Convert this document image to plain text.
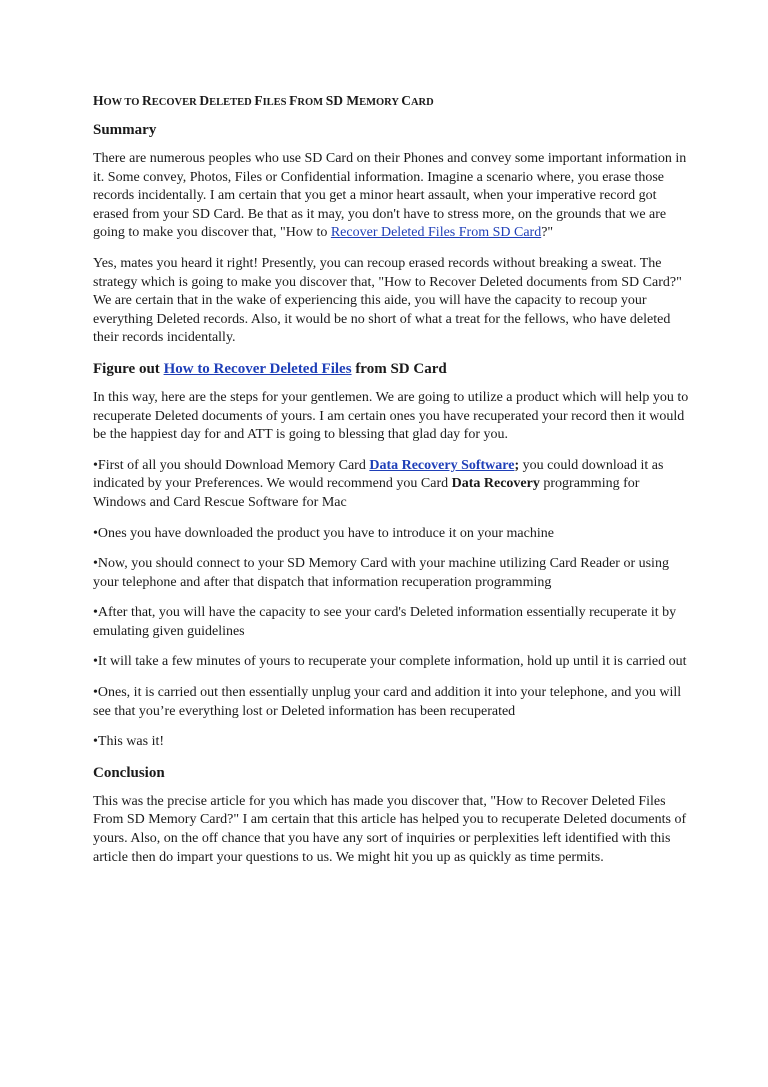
HOW TO RECOVER DELETED FILES FROM SD MEMORY CARD
Summary

There are numerous peoples who use SD Card on their Phones and convey some important information in it. Some convey, Photos, Files or Confidential information. Imagine a scenario where, you erase those records incidentally. I am certain that you get a minor heart assault, when your imperative record got erased from your SD Card. Be that as it may, you don't have to stress more, on the grounds that we are going to make you discover that, "How to Recover Deleted Files From SD Card?"

Yes, mates you heard it right! Presently, you can recoup erased records without breaking a sweat. The strategy which is going to make you discover that, "How to Recover Deleted documents from SD Card?" We are certain that in the wake of experiencing this aide, you will have the capacity to recoup your everything Deleted records. Also, it would be no short of what a treat for the fellows, who have deleted their records incidentally.

Figure out How to Recover Deleted Files from SD Card

In this way, here are the steps for your gentlemen. We are going to utilize a product which will help you to recuperate Deleted documents of yours. I am certain ones you have recuperated your record then it would be the happiest day for and ATT is going to blessing that glad day for you.

•First of all you should Download Memory Card Data Recovery Software; you could download it as indicated by your Preferences. We would recommend you Card Data Recovery programming for Windows and Card Rescue Software for Mac

•Ones you have downloaded the product you have to introduce it on your machine

•Now, you should connect to your SD Memory Card with your machine utilizing Card Reader or using your telephone and after that dispatch that information recuperation programming

•After that, you will have the capacity to see your card's Deleted information essentially recuperate it by emulating given guidelines

•It will take a few minutes of yours to recuperate your complete information, hold up until it is carried out

•Ones, it is carried out then essentially unplug your card and addition it into your telephone, and you will see that you’re everything lost or Deleted information has been recuperated

•This was it!

Conclusion

This was the precise article for you which has made you discover that, "How to Recover Deleted Files From SD Memory Card?" I am certain that this article has helped you to recuperate Deleted documents of yours. Also, on the off chance that you have any sort of inquiries or perplexities left identified with this article then do impart your questions to us. We might hit you up as quickly as time permits.
